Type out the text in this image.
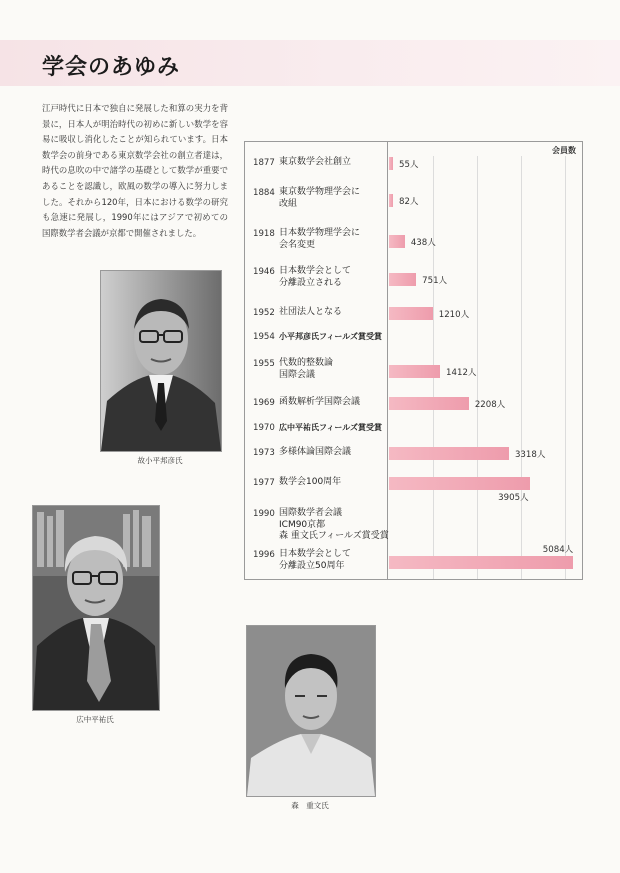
学会のあゆみ
江戸時代に日本で独自に発展した和算の実力を背景に，日本人が明治時代の初めに新しい数学を容易に吸収し消化したことが知られています。日本数学会の前身である東京数学会社の創立者達は，時代の息吹の中で諸学の基礎として数学が重要であることを認識し，欧風の数学の導入に努力しました。それから120年，日本における数学の研究も急速に発展し，1990年にはアジアで初めての国際数学者会議が京都で開催されました。
故小平邦彦氏
広中平祐氏
森　重文氏
会員数
1877 東京数学会社創立	55人
1884 東京数学物理学会に
改組	82人
1918 日本数学物理学会に
会名変更	438人
1946 日本数学会として
分離設立される	751人
1952 社団法人となる	1210人
1954 小平邦彦氏フィールズ賞受賞
1955 代数的整数論
国際会議	1412人
1969 函数解析学国際会議	2208人
1970 広中平祐氏フィールズ賞受賞
1973 多様体論国際会議	3318人
1977 数学会100周年
3905人
1990 国際数学者会議
ICM90京都
森 重文氏フィールズ賞受賞
1996 日本数学会として
分離設立50周年
5084人
